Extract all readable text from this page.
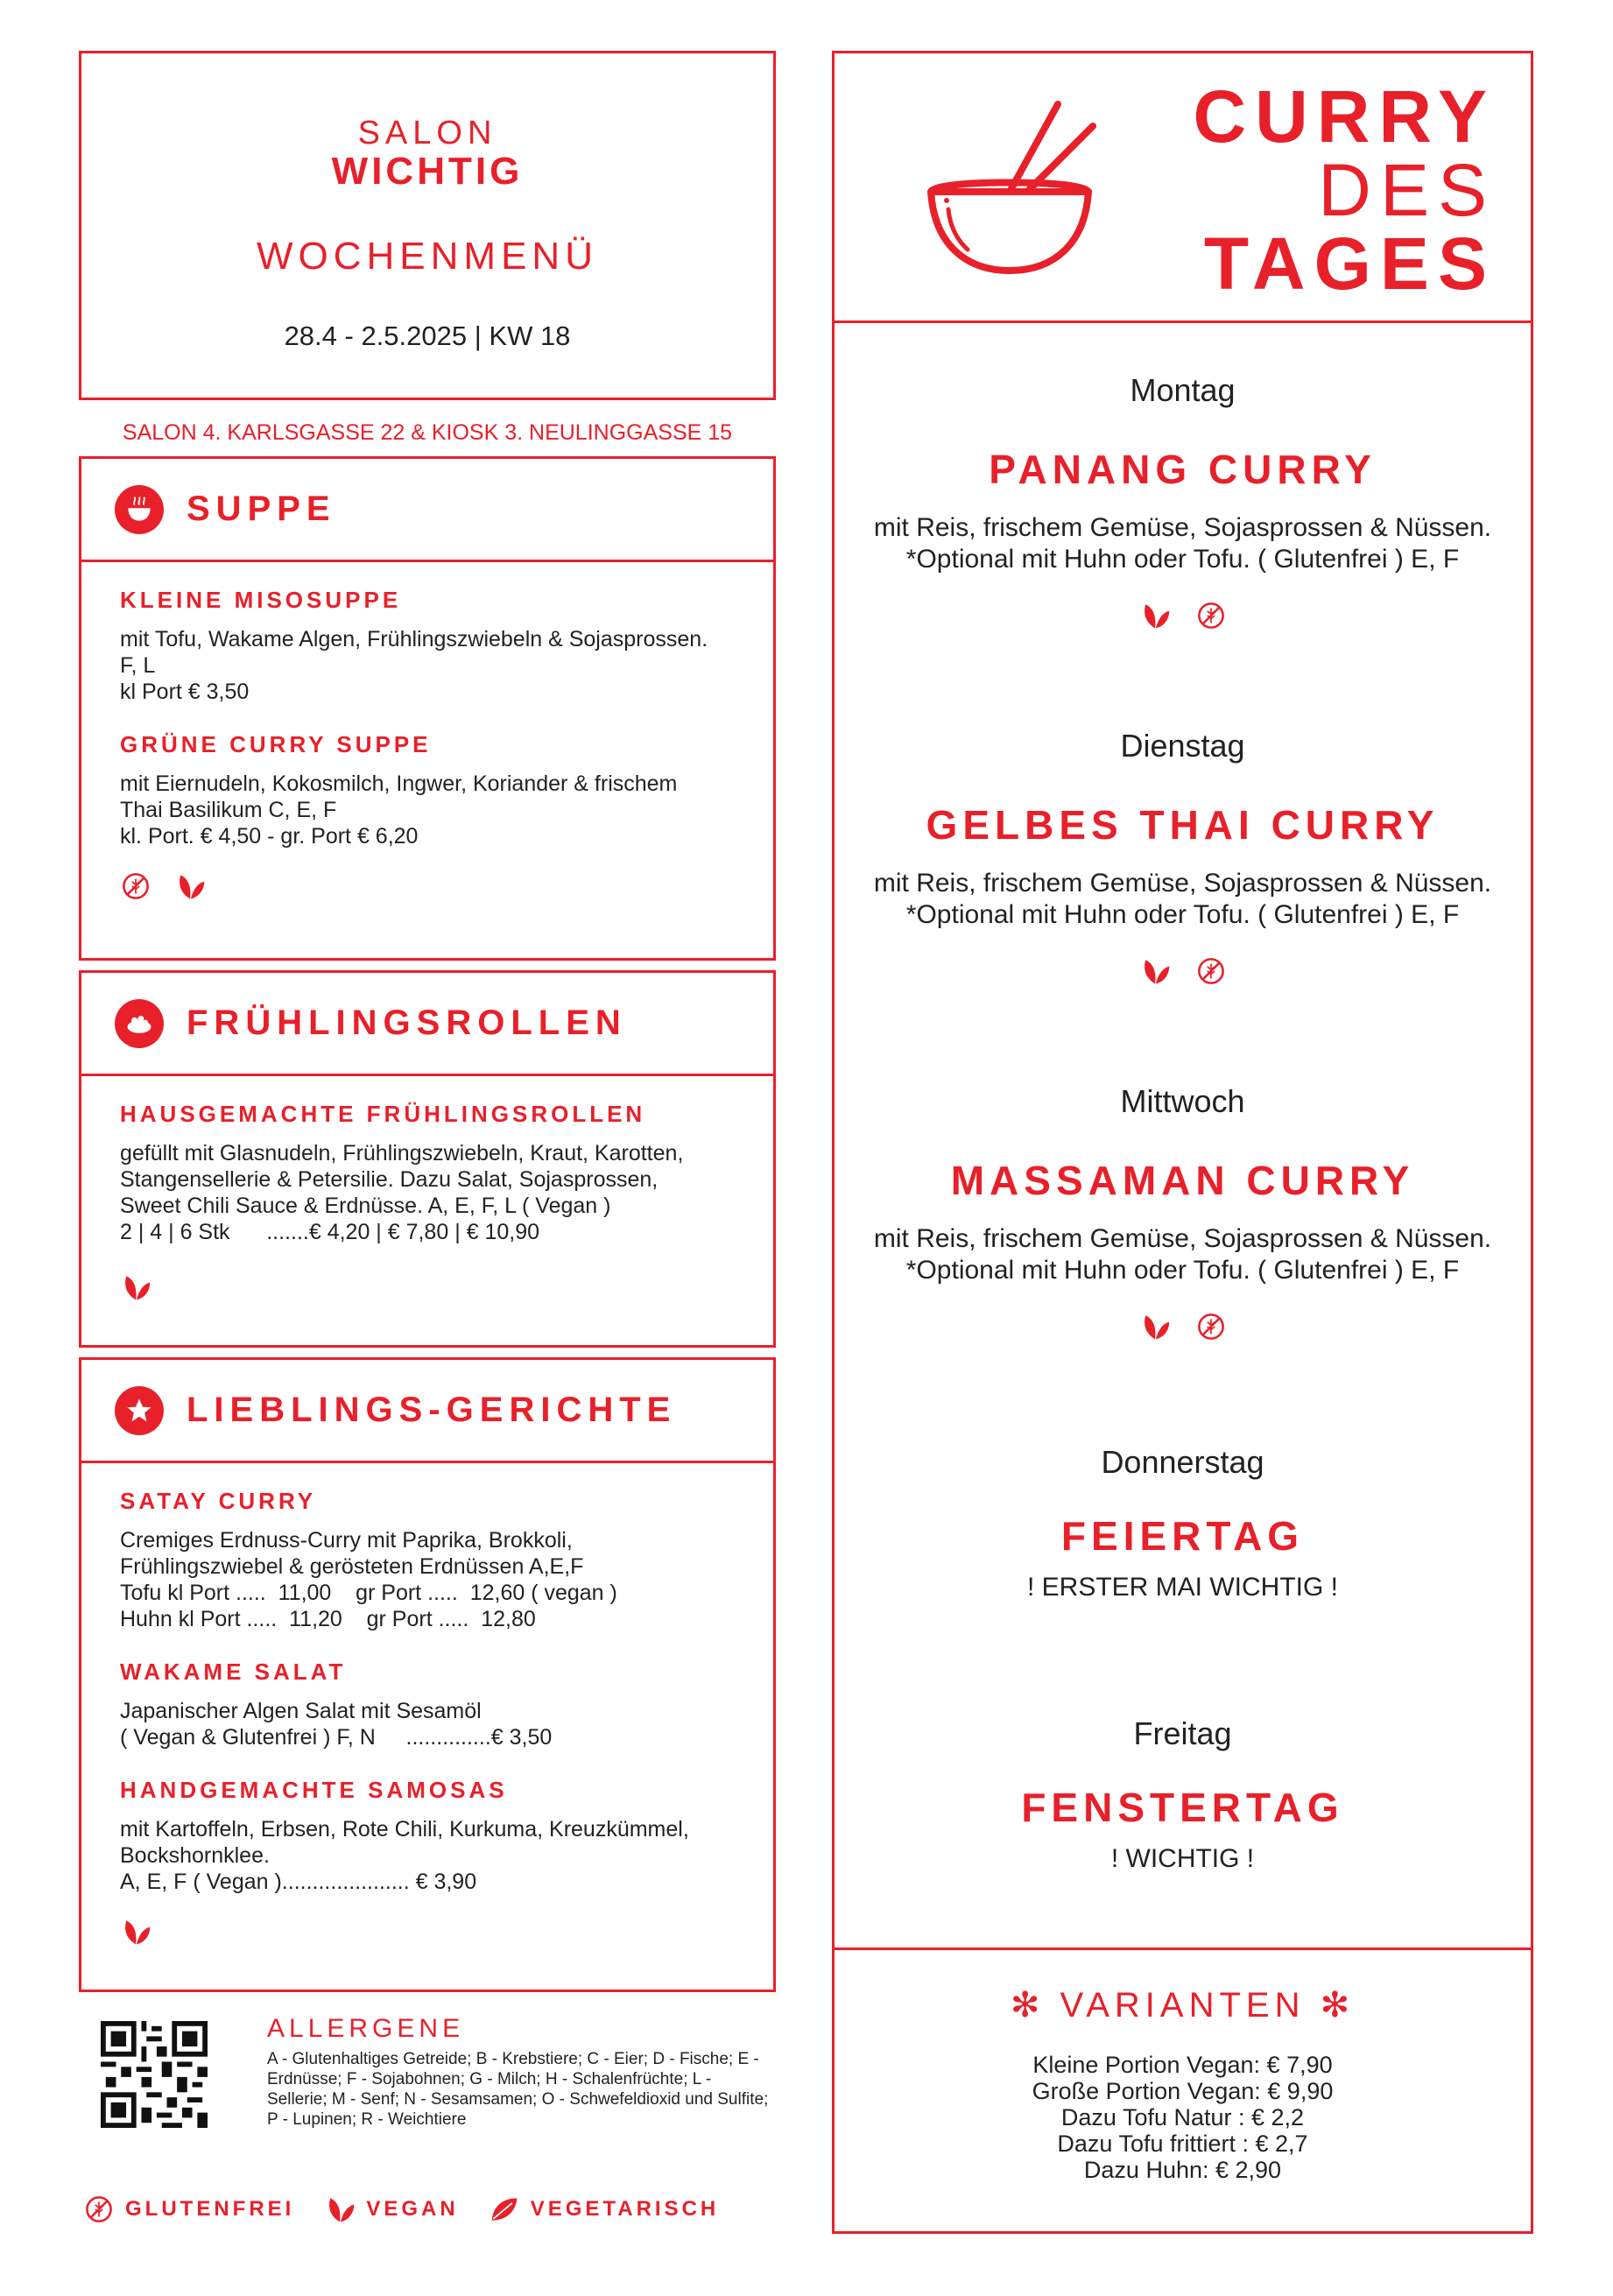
SALON
WICHTIG
WOCHENMENÜ
28.4 - 2.5.2025 | KW 18
SALON 4. KARLSGASSE 22 & KIOSK 3. NEULINGGASSE 15
SUPPE
KLEINE MISOSUPPE
mit Tofu, Wakame Algen, Frühlingszwiebeln & Sojasprossen.
F, L
kl Port € 3,50
GRÜNE CURRY SUPPE
mit Eiernudeln, Kokosmilch, Ingwer, Koriander & frischem
Thai Basilikum C, E, F
kl. Port. € 4,50 - gr. Port € 6,20
FRÜHLINGSROLLEN
HAUSGEMACHTE FRÜHLINGSROLLEN
gefüllt mit Glasnudeln, Frühlingszwiebeln, Kraut, Karotten,
Stangensellerie & Petersilie. Dazu Salat, Sojasprossen,
Sweet Chili Sauce & Erdnüsse. A, E, F, L ( Vegan )
2 | 4 | 6 Stk      .......€ 4,20 | € 7,80 | € 10,90
LIEBLINGS-GERICHTE
SATAY CURRY
Cremiges Erdnuss-Curry mit Paprika, Brokkoli,
Frühlingszwiebel & gerösteten Erdnüssen A,E,F
Tofu kl Port .....  11,00    gr Port .....  12,60 ( vegan )
Huhn kl Port .....  11,20    gr Port .....  12,80
WAKAME SALAT
Japanischer Algen Salat mit Sesamöl
( Vegan & Glutenfrei ) F, N     ..............€ 3,50
HANDGEMACHTE SAMOSAS
mit Kartoffeln, Erbsen, Rote Chili, Kurkuma, Kreuzkümmel,
Bockshornklee.
A, E, F ( Vegan )..................... € 3,90
ALLERGENE
A - Glutenhaltiges Getreide; B - Krebstiere; C - Eier; D - Fische; E - Erdnüsse; F - Sojabohnen; G - Milch; H - Schalenfrüchte; L - Sellerie; M - Senf; N - Sesamsamen; O - Schwefeldioxid und Sulfite; P - Lupinen; R - Weichtiere
GLUTENFREI	VEGAN	VEGETARISCH
CURRY
DES
TAGES
Montag
PANANG CURRY
mit Reis, frischem Gemüse, Sojasprossen & Nüssen.
*Optional mit Huhn oder Tofu. ( Glutenfrei ) E, F
Dienstag
GELBES THAI CURRY
mit Reis, frischem Gemüse, Sojasprossen & Nüssen.
*Optional mit Huhn oder Tofu. ( Glutenfrei ) E, F
Mittwoch
MASSAMAN CURRY
mit Reis, frischem Gemüse, Sojasprossen & Nüssen.
*Optional mit Huhn oder Tofu. ( Glutenfrei ) E, F
Donnerstag
FEIERTAG
! ERSTER MAI WICHTIG !
Freitag
FENSTERTAG
! WICHTIG !
✻ VARIANTEN ✻
Kleine Portion Vegan: € 7,90
Große Portion Vegan: € 9,90
Dazu Tofu Natur : € 2,2
Dazu Tofu frittiert : € 2,7
Dazu Huhn: € 2,90
